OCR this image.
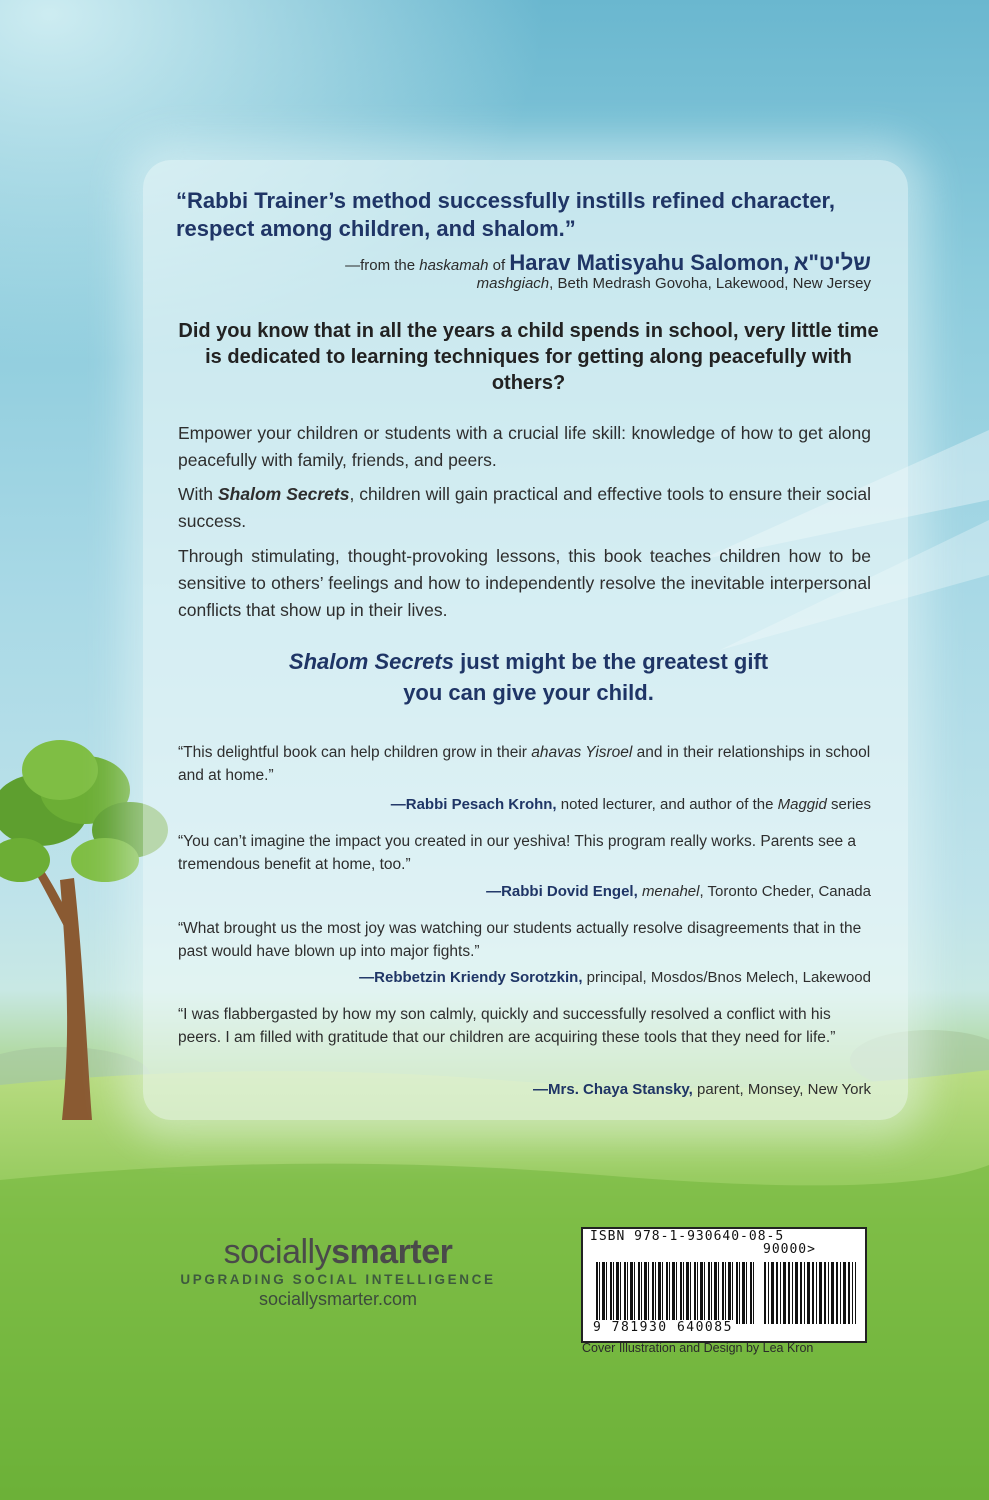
“Rabbi Trainer’s method successfully instills refined character, respect among children, and shalom.”

—from the haskamah of Harav Matisyahu Salomon, שליט"א

mashgiach, Beth Medrash Govoha, Lakewood, New Jersey

Did you know that in all the years a child spends in school, very little time is dedicated to learning techniques for getting along peacefully with others?

Empower your children or students with a crucial life skill: knowledge of how to get along peacefully with family, friends, and peers.

With Shalom Secrets, children will gain practical and effective tools to ensure their social success.

Through stimulating, thought-provoking lessons, this book teaches children how to be sensitive to others’ feelings and how to independently resolve the inevitable interpersonal conflicts that show up in their lives.

Shalom Secrets just might be the greatest gift
you can give your child.

“This delightful book can help children grow in their ahavas Yisroel and in their relationships in school and at home.”

—Rabbi Pesach Krohn, noted lecturer, and author of the Maggid series

“You can’t imagine the impact you created in our yeshiva! This program really works. Parents see a tremendous benefit at home, too.”

—Rabbi Dovid Engel, menahel, Toronto Cheder, Canada

“What brought us the most joy was watching our students actually resolve disagreements that in the past would have blown up into major fights.”

—Rebbetzin Kriendy Sorotzkin, principal, Mosdos/Bnos Melech, Lakewood

“I was flabbergasted by how my son calmly, quickly and successfully resolved a conflict with his peers. I am filled with gratitude that our children are acquiring these tools that they need for life.”

—Mrs. Chaya Stansky, parent, Monsey, New York

sociallysmarter
UPGRADING SOCIAL INTELLIGENCE
sociallysmarter.com
ISBN 978-1-930640-08-5
90000>
9 781930 640085
Cover Illustration and Design by Lea Kron
